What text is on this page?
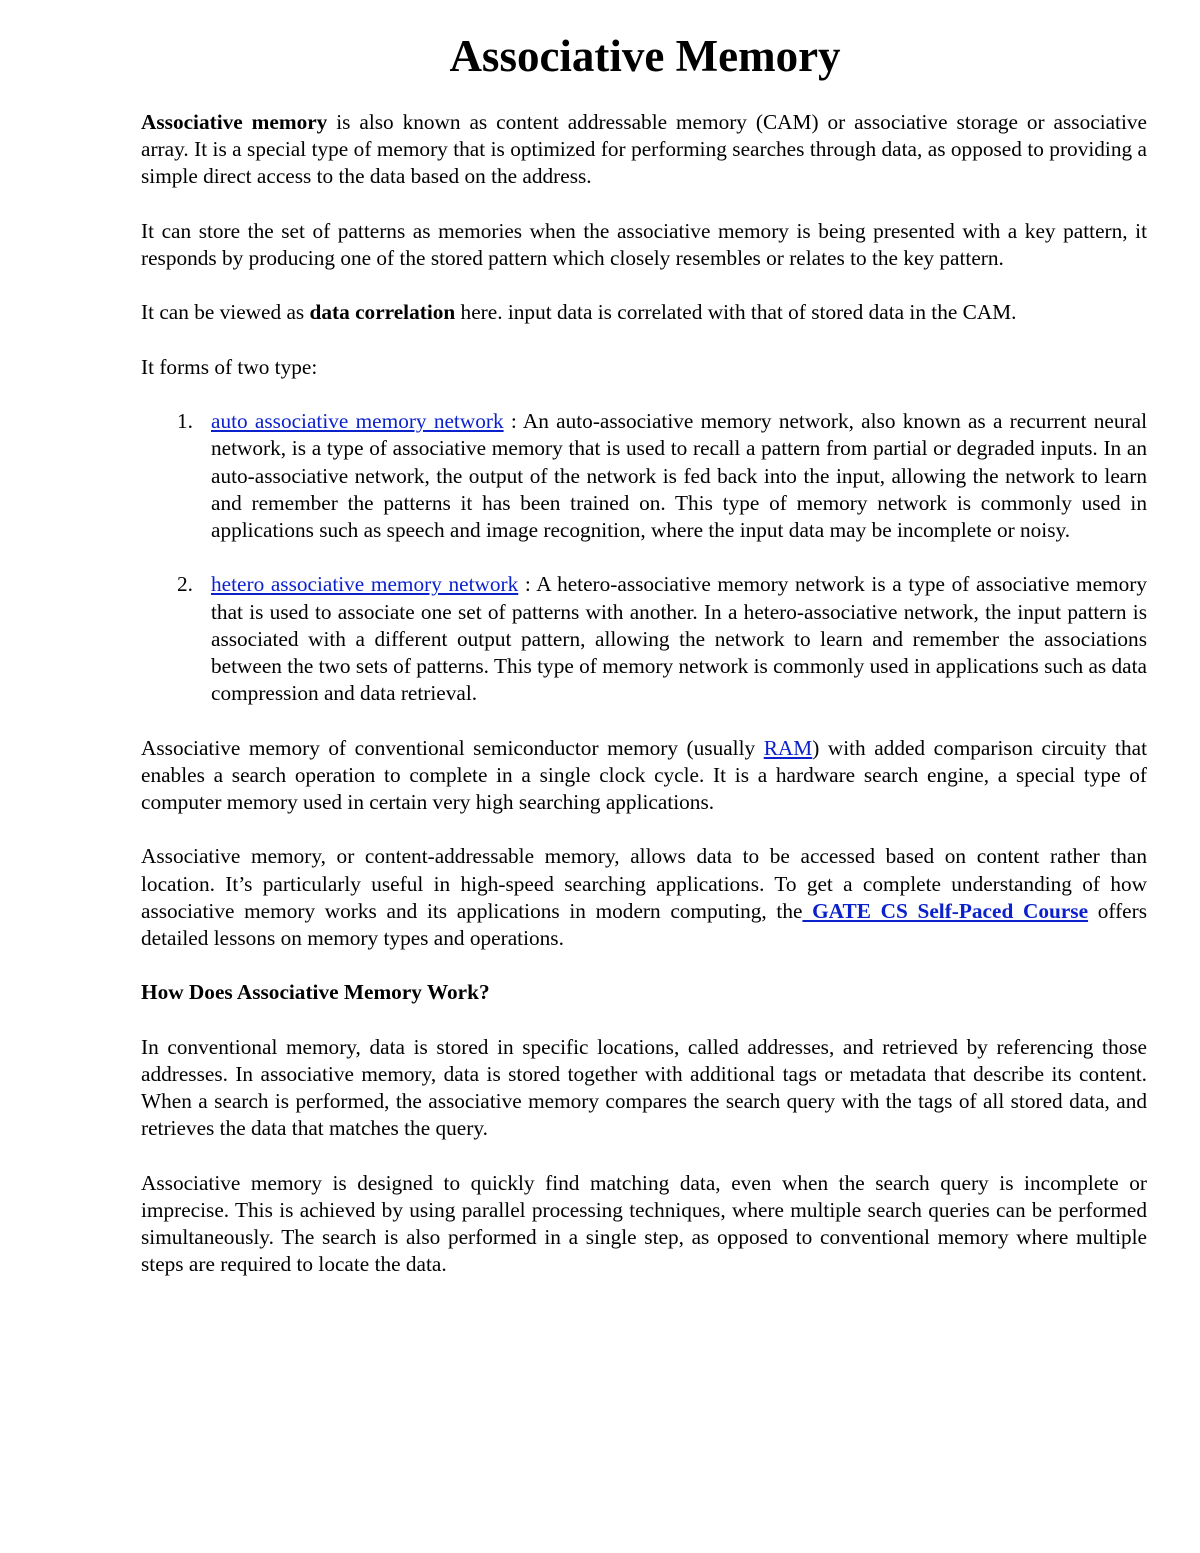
Associative Memory

Associative memory is also known as content addressable memory (CAM) or associative storage or associative array. It is a special type of memory that is optimized for performing searches through data, as opposed to providing a simple direct access to the data based on the address.

It can store the set of patterns as memories when the associative memory is being presented with a key pattern, it responds by producing one of the stored pattern which closely resembles or relates to the key pattern.

It can be viewed as data correlation here. input data is correlated with that of stored data in the CAM.

It forms of two type:

1. auto associative memory network : An auto-associative memory network, also known as a recurrent neural network, is a type of associative memory that is used to recall a pattern from partial or degraded inputs. In an auto-associative network, the output of the network is fed back into the input, allowing the network to learn and remember the patterns it has been trained on. This type of memory network is commonly used in applications such as speech and image recognition, where the input data may be incomplete or noisy.
2. hetero associative memory network : A hetero-associative memory network is a type of associative memory that is used to associate one set of patterns with another. In a hetero-associative network, the input pattern is associated with a different output pattern, allowing the network to learn and remember the associations between the two sets of patterns. This type of memory network is commonly used in applications such as data compression and data retrieval.

Associative memory of conventional semiconductor memory (usually RAM) with added comparison circuity that enables a search operation to complete in a single clock cycle. It is a hardware search engine, a special type of computer memory used in certain very high searching applications.

Associative memory, or content-addressable memory, allows data to be accessed based on content rather than location. It’s particularly useful in high-speed searching applications. To get a complete understanding of how associative memory works and its applications in modern computing, the GATE CS Self-Paced Course offers detailed lessons on memory types and operations.

How Does Associative Memory Work?

In conventional memory, data is stored in specific locations, called addresses, and retrieved by referencing those addresses. In associative memory, data is stored together with additional tags or metadata that describe its content. When a search is performed, the associative memory compares the search query with the tags of all stored data, and retrieves the data that matches the query.

Associative memory is designed to quickly find matching data, even when the search query is incomplete or imprecise. This is achieved by using parallel processing techniques, where multiple search queries can be performed simultaneously. The search is also performed in a single step, as opposed to conventional memory where multiple steps are required to locate the data.
